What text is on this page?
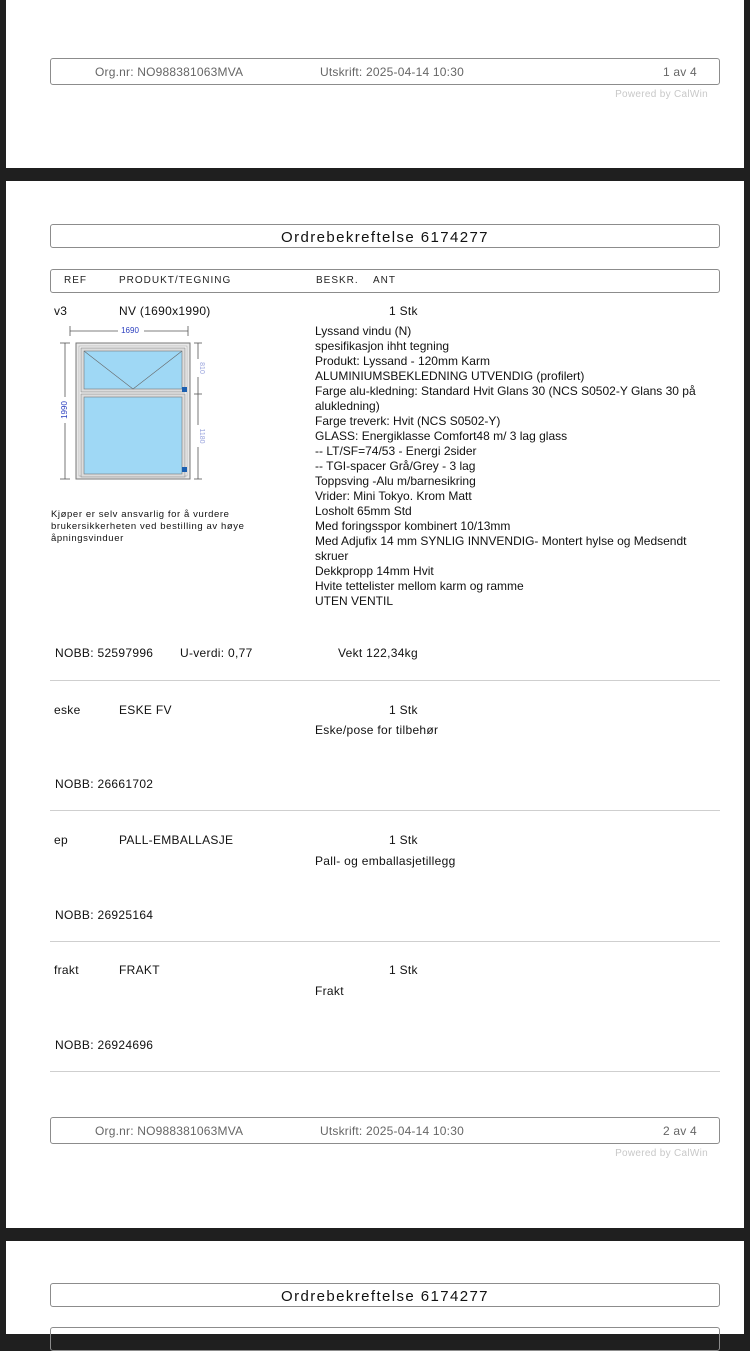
Org.nr: NO988381063MVA	Utskrift: 2025-04-14 10:30	1 av 4
Powered by CalWin
Ordrebekreftelse 6174277
REF	PRODUKT/TEGNING	BESKR. ANT
v3	NV (1690x1990)	1 Stk
1690
1990
810
1180
Kjøper er selv ansvarlig for å vurdere brukersikkerheten ved bestilling av høye åpningsvinduer
Lyssand vindu (N)
spesifikasjon ihht tegning
Produkt: Lyssand - 120mm Karm
ALUMINIUMSBEKLEDNING UTVENDIG (profilert)
Farge alu-kledning: Standard Hvit Glans 30 (NCS S0502-Y Glans 30 på alukledning)
Farge treverk: Hvit (NCS S0502-Y)
GLASS: Energiklasse Comfort48 m/ 3 lag glass
-- LT/SF=74/53 - Energi 2sider
-- TGI-spacer Grå/Grey - 3 lag
Toppsving -Alu m/barnesikring
Vrider: Mini Tokyo. Krom Matt
Losholt 65mm Std
Med foringsspor kombinert 10/13mm
Med Adjufix 14 mm SYNLIG INNVENDIG- Montert hylse og Medsendt skruer
Dekkpropp 14mm Hvit
Hvite tettelister mellom karm og ramme
UTEN VENTIL
NOBB: 52597996 U-verdi: 0,77	Vekt 122,34kg
eske	ESKE FV	1 Stk
Eske/pose for tilbehør
NOBB: 26661702
ep	PALL-EMBALLASJE	1 Stk
Pall- og emballasjetillegg
NOBB: 26925164
frakt	FRAKT	1 Stk
Frakt
NOBB: 26924696
Org.nr: NO988381063MVA	Utskrift: 2025-04-14 10:30	2 av 4
Powered by CalWin
Ordrebekreftelse 6174277
